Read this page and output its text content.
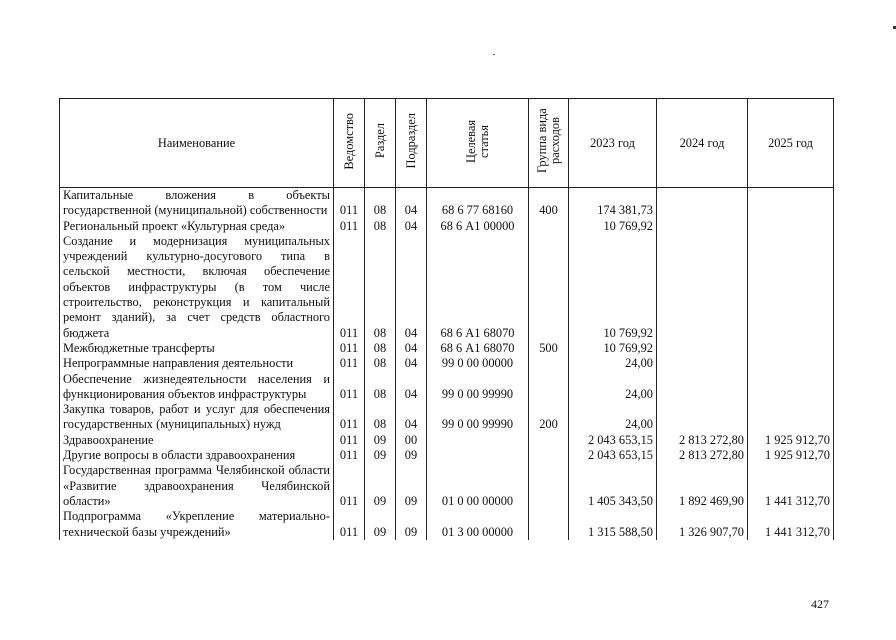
Наименование	Ведомство	Раздел	Подраздел	Целевая статья	Группа вида расходов	2023 год	2024 год	2025 год
Капитальные вложения в объекты государственной (муниципальной) собственности	011	08	04	68 6 77 68160	400	174 381,73		
Региональный проект «Культурная среда»	011	08	04	68 6 А1 00000		10 769,92		
Создание и модернизация муниципальных учреждений культурно-досугового типа в сельской местности, включая обеспечение объектов инфраструктуры (в том числе строительство, реконструкция и капитальный ремонт зданий), за счет средств областного бюджета	011	08	04	68 6 А1 68070		10 769,92		
Межбюджетные трансферты	011	08	04	68 6 А1 68070	500	10 769,92		
Непрограммные направления деятельности	011	08	04	99 0 00 00000		24,00		
Обеспечение жизнедеятельности населения и функционирования объектов инфраструктуры	011	08	04	99 0 00 99990		24,00		
Закупка товаров, работ и услуг для обеспечения государственных (муниципальных) нужд	011	08	04	99 0 00 99990	200	24,00		
Здравоохранение	011	09	00			2 043 653,15	2 813 272,80	1 925 912,70
Другие вопросы в области здравоохранения	011	09	09			2 043 653,15	2 813 272,80	1 925 912,70
Государственная программа Челябинской области «Развитие здравоохранения Челябинской области»	011	09	09	01 0 00 00000		1 405 343,50	1 892 469,90	1 441 312,70
Подпрограмма «Укрепление материально-технической базы учреждений»	011	09	09	01 3 00 00000		1 315 588,50	1 326 907,70	1 441 312,70
427
